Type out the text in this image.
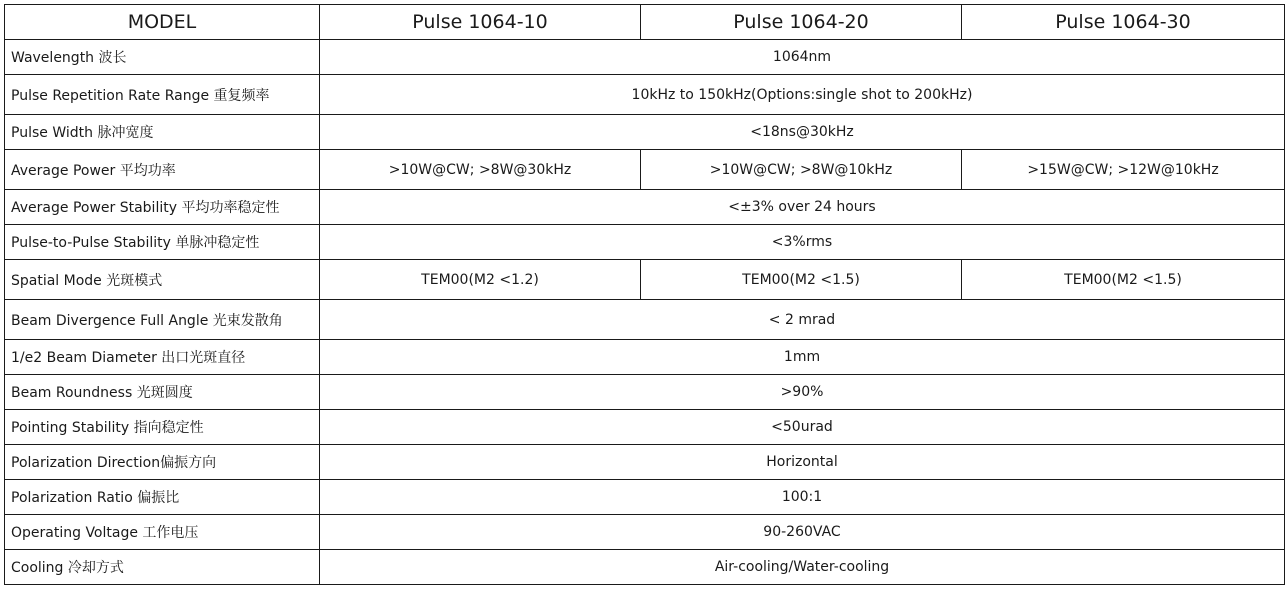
MODEL	Pulse 1064-10	Pulse 1064-20	Pulse 1064-30
Wavelength 波长	1064nm		
Pulse Repetition Rate Range 重复频率	10kHz to 150kHz(Options:single shot to 200kHz)		
Pulse Width 脉冲宽度	<18ns@30kHz		
Average Power 平均功率	>10W@CW; >8W@30kHz	>10W@CW; >8W@10kHz	>15W@CW; >12W@10kHz
Average Power Stability 平均功率稳定性	<±3% over 24 hours		
Pulse-to-Pulse Stability 单脉冲稳定性	<3%rms		
Spatial Mode 光斑模式	TEM00(M2 <1.2)	TEM00(M2 <1.5)	TEM00(M2 <1.5)
Beam Divergence Full Angle 光束发散角	< 2 mrad		
1/e2 Beam Diameter 出口光斑直径	1mm		
Beam Roundness 光斑圆度	>90%		
Pointing Stability 指向稳定性	<50urad		
Polarization Direction偏振方向	Horizontal		
Polarization Ratio 偏振比	100:1		
Operating Voltage 工作电压	90-260VAC		
Cooling 冷却方式	Air-cooling/Water-cooling		
